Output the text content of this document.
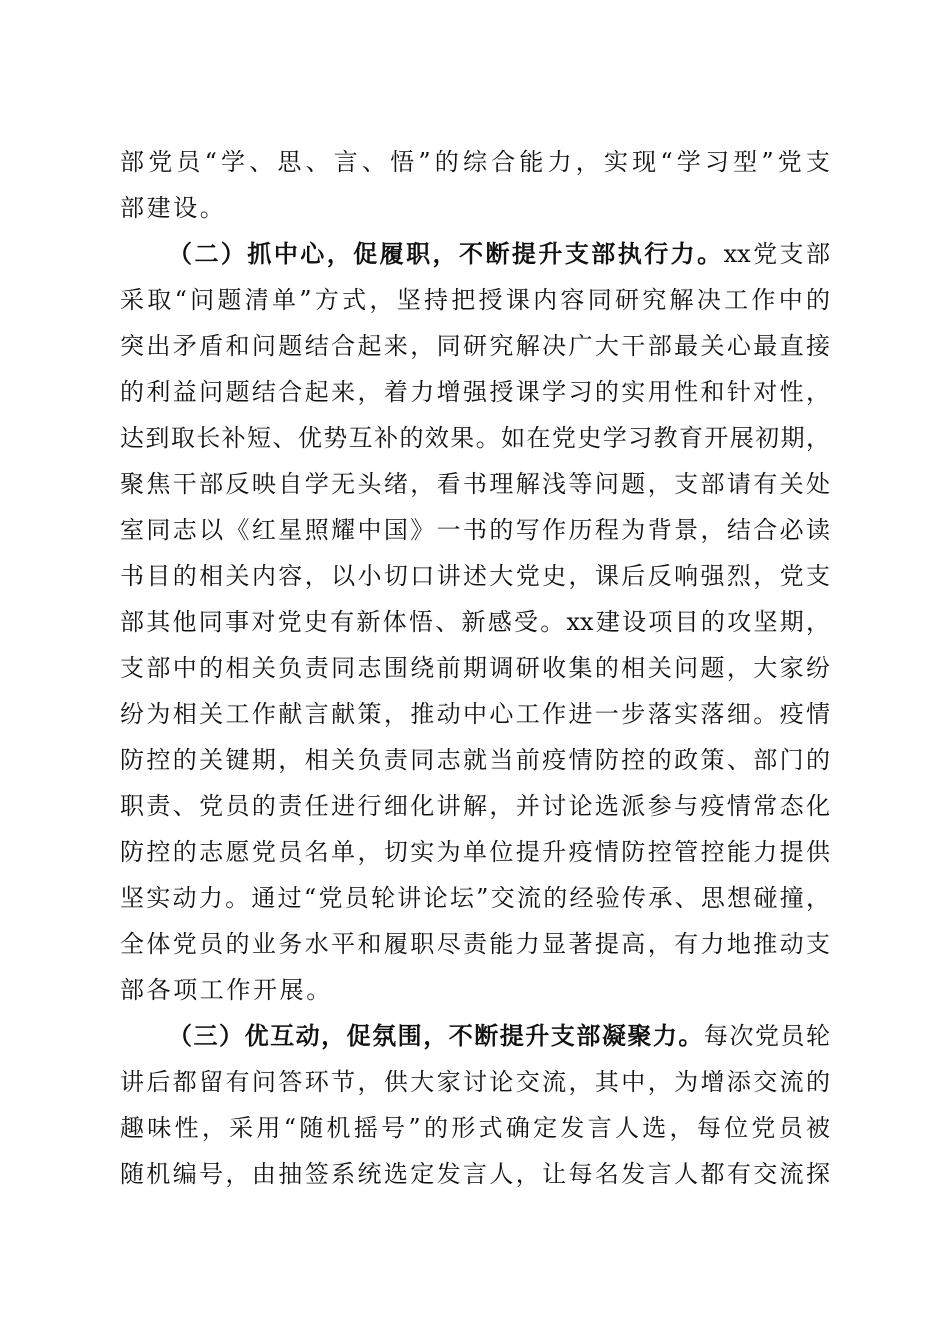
部党员“学、思、言、悟”的综合能力，实现“学习型”党支
部建设。
（二）抓中心，促履职，不断提升支部执行力。xx党支部
采取“问题清单”方式，坚持把授课内容同研究解决工作中的
突出矛盾和问题结合起来，同研究解决广大干部最关心最直接
的利益问题结合起来，着力增强授课学习的实用性和针对性，
达到取长补短、优势互补的效果。如在党史学习教育开展初期，
聚焦干部反映自学无头绪，看书理解浅等问题，支部请有关处
室同志以《红星照耀中国》一书的写作历程为背景，结合必读
书目的相关内容，以小切口讲述大党史，课后反响强烈，党支
部其他同事对党史有新体悟、新感受。xx建设项目的攻坚期，
支部中的相关负责同志围绕前期调研收集的相关问题，大家纷
纷为相关工作献言献策，推动中心工作进一步落实落细。疫情
防控的关键期，相关负责同志就当前疫情防控的政策、部门的
职责、党员的责任进行细化讲解，并讨论选派参与疫情常态化
防控的志愿党员名单，切实为单位提升疫情防控管控能力提供
坚实动力。通过“党员轮讲论坛”交流的经验传承、思想碰撞，
全体党员的业务水平和履职尽责能力显著提高，有力地推动支
部各项工作开展。
（三）优互动，促氛围，不断提升支部凝聚力。每次党员轮
讲后都留有问答环节，供大家讨论交流，其中，为增添交流的
趣味性，采用“随机摇号”的形式确定发言人选，每位党员被
随机编号，由抽签系统选定发言人，让每名发言人都有交流探
